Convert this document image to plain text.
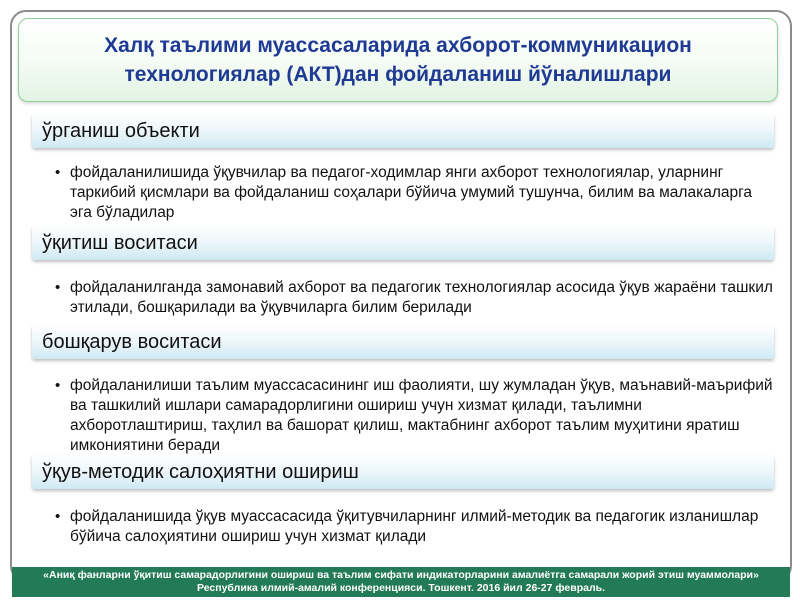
Халқ таълими муассасаларида ахборот-коммуникацион
технологиялар (АКТ)дан фойдаланиш йўналишлари
ўрганиш объекти
• фойдаланилишида ўқувчилар ва педагог-ходимлар янги ахборот технологиялар, уларнинг таркибий қисмлари ва фойдаланиш соҳалари бўйича умумий тушунча, билим ва малакаларга эга бўладилар
ўқитиш воситаси
• фойдаланилганда замонавий ахборот ва педагогик технологиялар асосида ўқув жараёни ташкил этилади, бошқарилади ва ўқувчиларга билим берилади
бошқарув воситаси
• фойдаланилиши таълим муассасасининг иш фаолияти, шу жумладан ўқув, маънавий-маърифий ва ташкилий ишлари самарадорлигини ошириш учун хизмат қилади, таълимни ахборотлаштириш, таҳлил ва башорат қилиш, мактабнинг ахборот таълим муҳитини яратиш имкониятини беради
ўқув-методик салоҳиятни ошириш
• фойдаланишида ўқув муассасасида ўқитувчиларнинг илмий-методик ва педагогик изланишлар бўйича салоҳиятини ошириш учун хизмат қилади
«Аниқ фанларни ўқитиш самарадорлигини ошириш ва таълим сифати индикаторларини амалиётга самарали жорий этиш муаммолари»
Республика илмий-амалий конференцияси. Тошкент. 2016 йил 26-27 февраль.
